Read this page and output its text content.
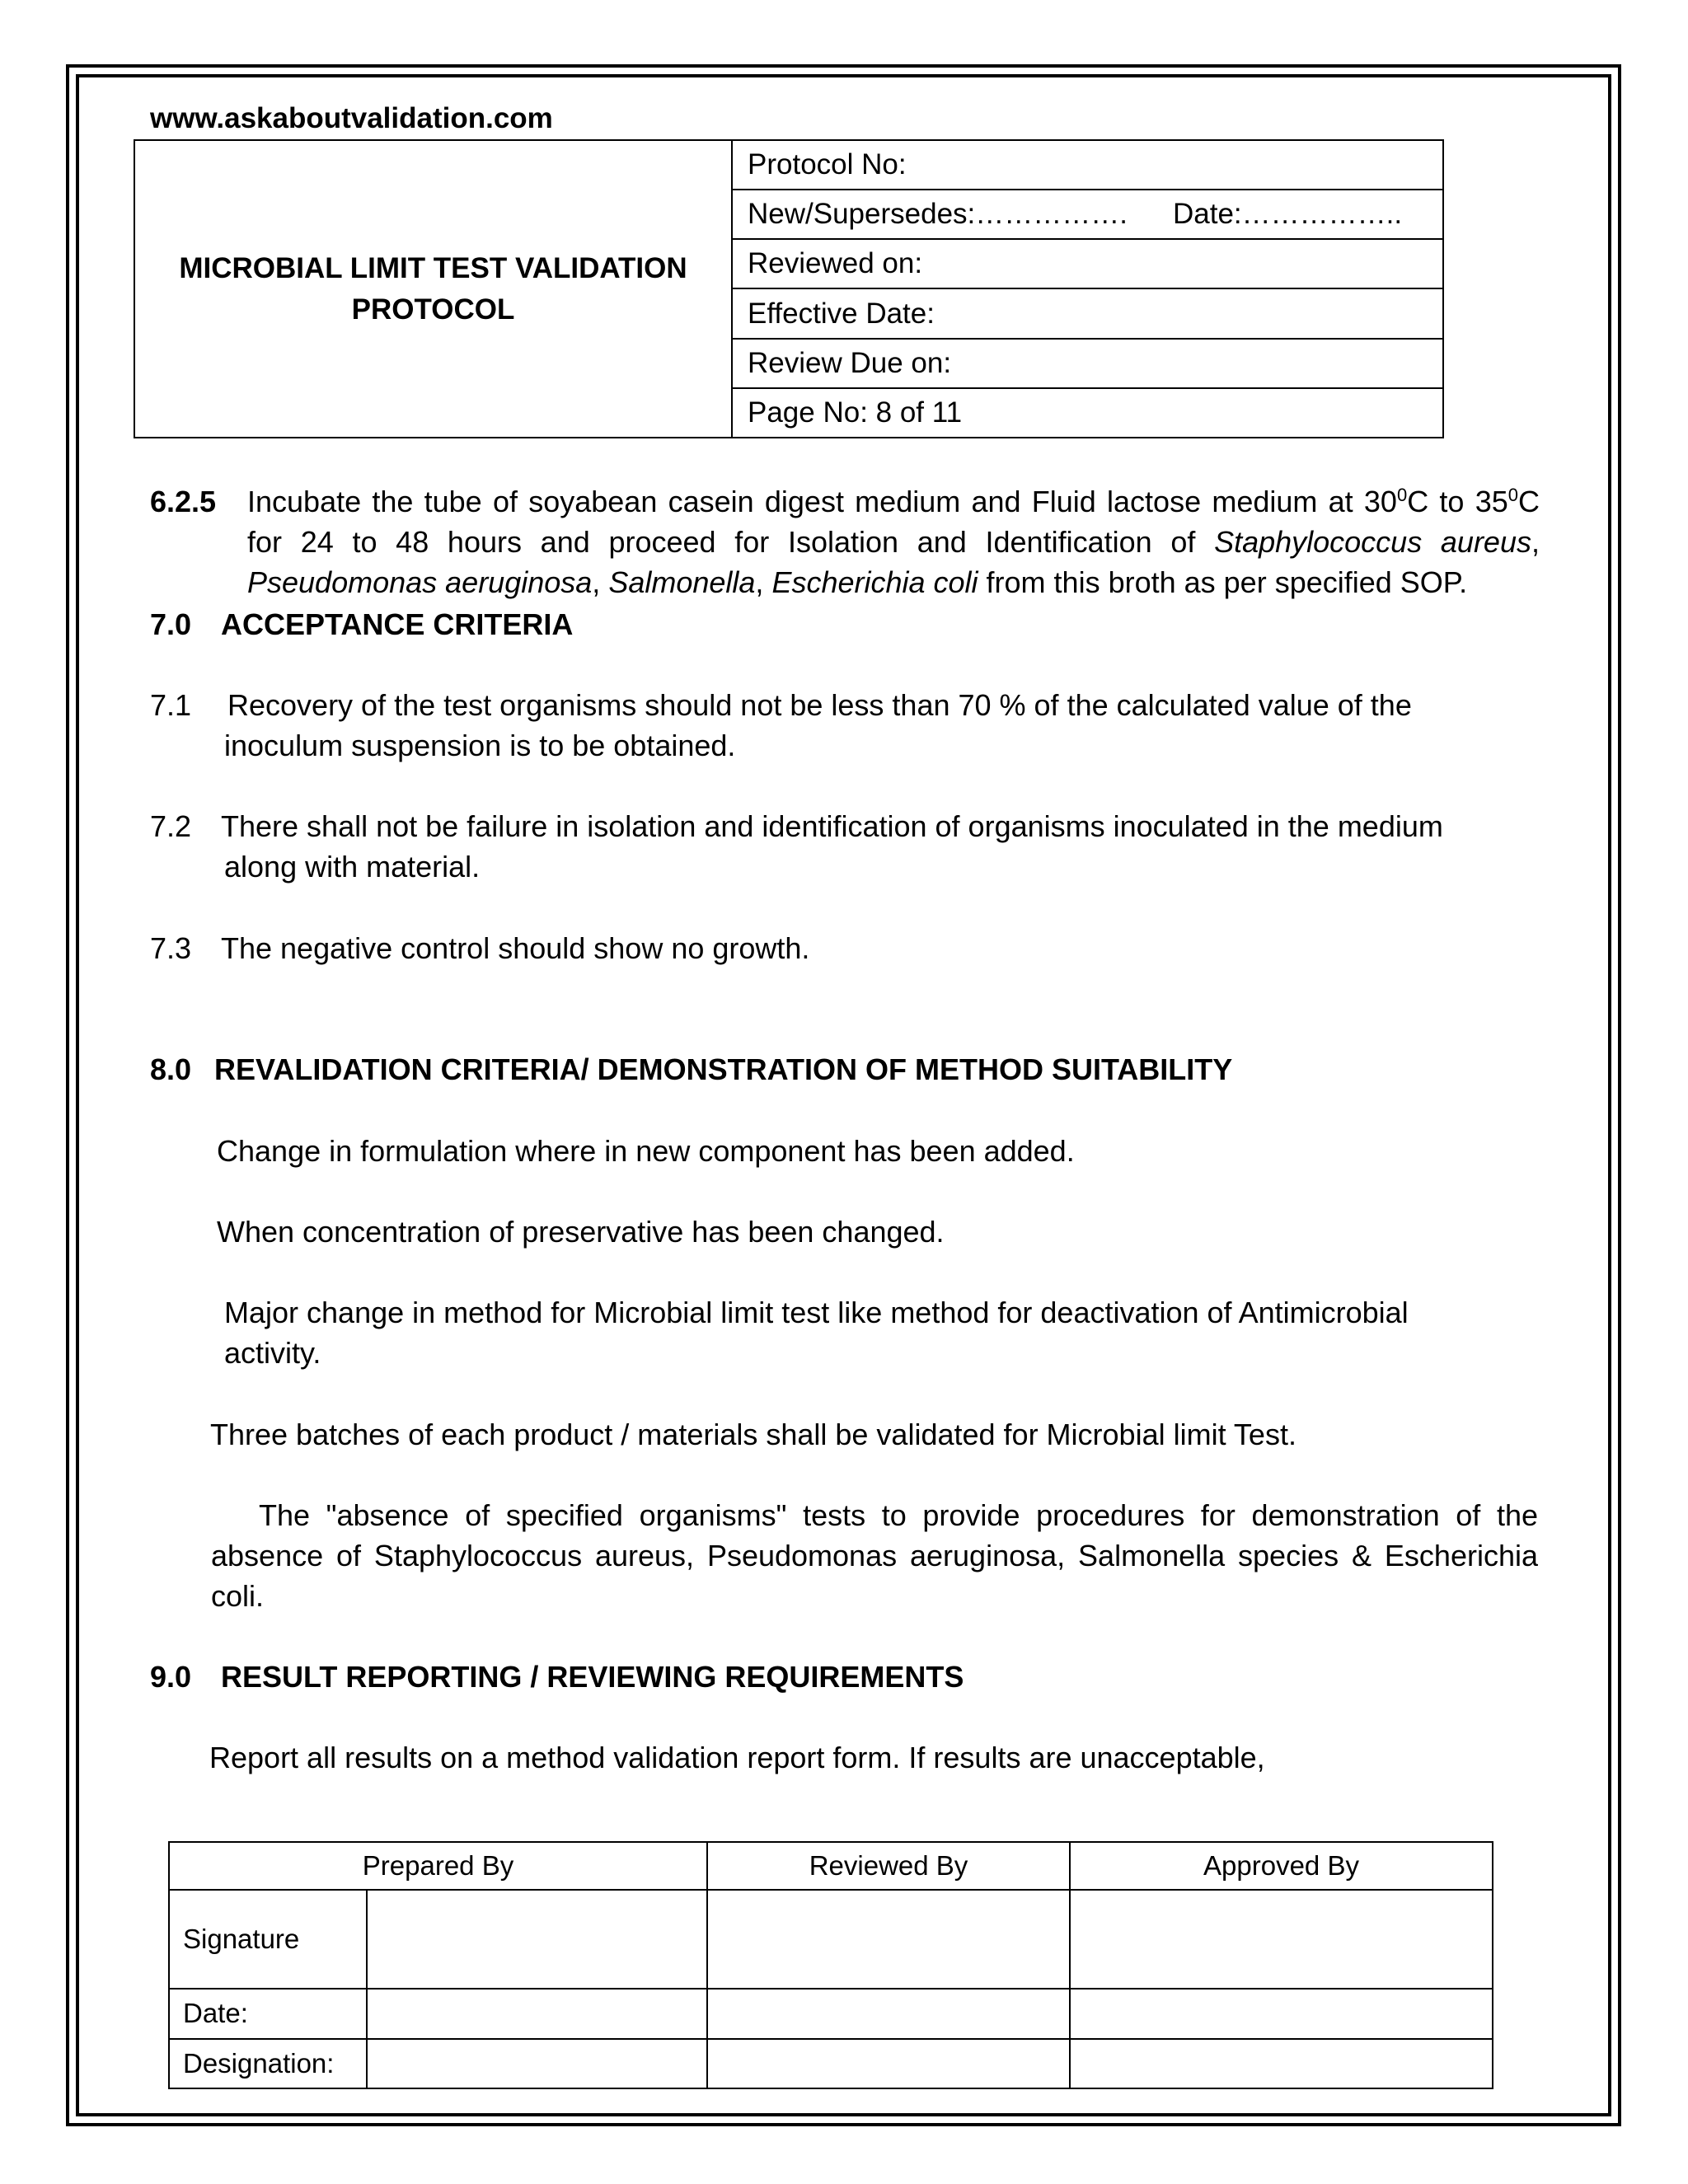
www.askaboutvalidation.com
MICROBIAL LIMIT TEST VALIDATION
PROTOCOL
	Protocol No:
New/Supersedes:……………. Date:……………..
Reviewed on:
Effective Date:
Review Due on:
Page No: 8 of 11
6.2.5 Incubate the tube of soyabean casein digest medium and Fluid lactose medium at $30^0C$ to $35^0C$ for 24 to 48 hours and proceed for Isolation and Identification of Staphylococcus aureus, Pseudomonas aeruginosa, Salmonella, Escherichia coli from this broth as per specified SOP.
7.0 ACCEPTANCE CRITERIA
7.1 Recovery of the test organisms should not be less than 70 % of the calculated value of the inoculum suspension is to be obtained.
7.2 There shall not be failure in isolation and identification of organisms inoculated in the medium along with material.
7.3 The negative control should show no growth.
8.0 REVALIDATION CRITERIA/ DEMONSTRATION OF METHOD SUITABILITY
Change in formulation where in new component has been added.
When concentration of preservative has been changed.
Major change in method for Microbial limit test like method for deactivation of Antimicrobial activity.
Three batches of each product / materials shall be validated for Microbial limit Test.
The "absence of specified organisms" tests to provide procedures for demonstration of the absence of Staphylococcus aureus, Pseudomonas aeruginosa, Salmonella species & Escherichia coli.
9.0 RESULT REPORTING / REVIEWING REQUIREMENTS
Report all results on a method validation report form. If results are unacceptable,
Prepared By		Reviewed By	Approved By
Signature			
Date:			
Designation:			
